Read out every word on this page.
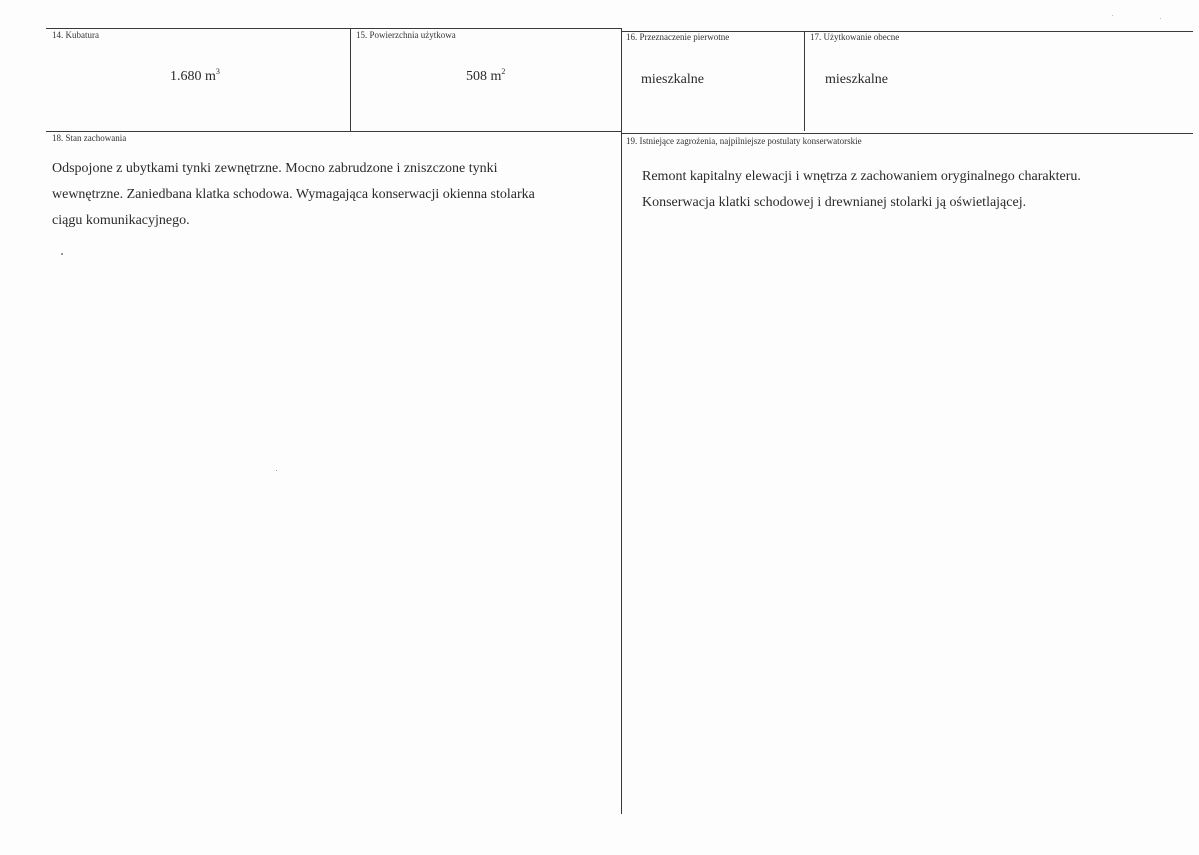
14. Kubatura
1.680 $m^3$
15. Powierzchnia użytkowa
508 $m^2$
16. Przeznaczenie pierwotne
mieszkalne
17. Użytkowanie obecne
mieszkalne
18. Stan zachowania
Odspojone z ubytkami tynki zewnętrzne. Mocno zabrudzone i zniszczone tynki
wewnętrzne. Zaniedbana klatka schodowa. Wymagająca konserwacji okienna stolarka
ciągu komunikacyjnego.
19. Istniejące zagrożenia, najpilniejsze postulaty konserwatorskie
Remont kapitalny elewacji i wnętrza z zachowaniem oryginalnego charakteru.
Konserwacja klatki schodowej i drewnianej stolarki ją oświetlającej.
